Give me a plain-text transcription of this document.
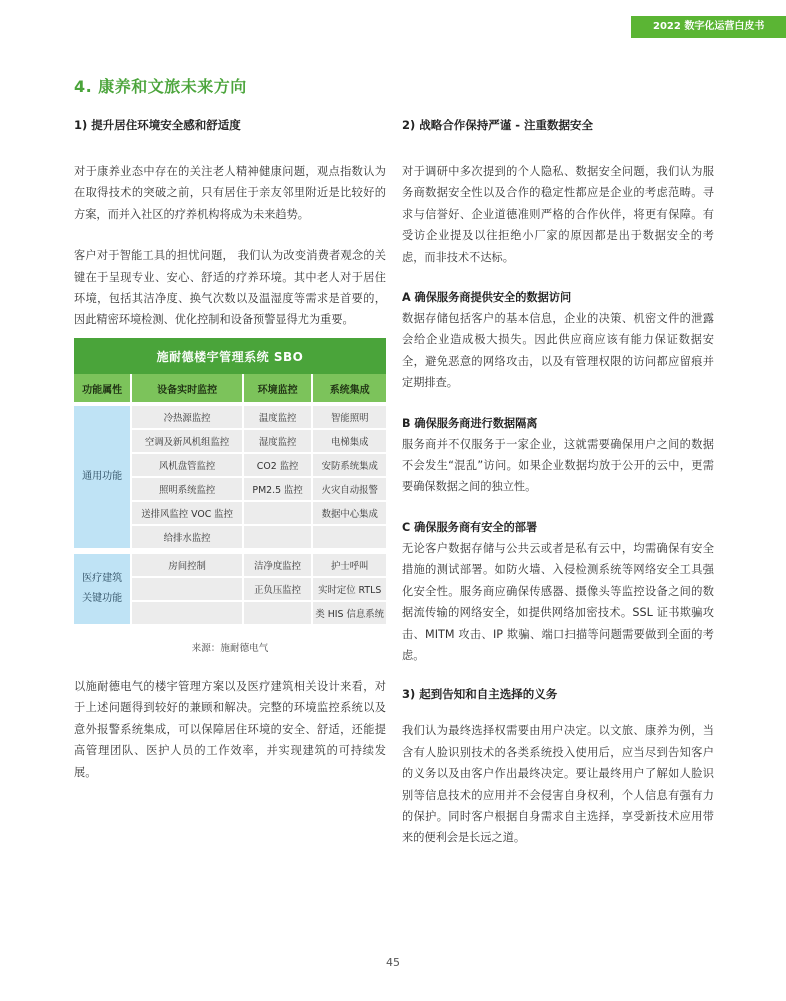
2022 数字化运营白皮书
4. 康养和文旅未来方向

1) 提升居住环境安全感和舒适度

对于康养业态中存在的关注老人精神健康问题，观点指数认为在取得技术的突破之前，只有居住于亲友邻里附近是比较好的方案，而并入社区的疗养机构将成为未来趋势。

客户对于智能工具的担忧问题， 我们认为改变消费者观念的关键在于呈现专业、安心、舒适的疗养环境。其中老人对于居住环境，包括其洁净度、换气次数以及温湿度等需求是首要的，因此精密环境检测、优化控制和设备预警显得尤为重要。

施耐德楼宇管理系统 SBO			
功能属性	设备实时监控	环境监控	系统集成

通用功能	冷热源监控	温度监控	智能照明
	空调及新风机组监控	湿度监控	电梯集成
	风机盘管监控	CO2 监控	安防系统集成
	照明系统监控	PM2.5 监控	火灾自动报警
	送排风监控 VOC 监控		数据中心集成
	给排水监控		

医疗建筑
关键功能	房间控制	洁净度监控	护士呼叫
		正负压监控	实时定位 RTLS
			类 HIS 信息系统
来源：施耐德电气

以施耐德电气的楼宇管理方案以及医疗建筑相关设计来看，对于上述问题得到较好的兼顾和解决。完整的环境监控系统以及意外报警系统集成，可以保障居住环境的安全、舒适，还能提高管理团队、医护人员的工作效率，并实现建筑的可持续发展。

2) 战略合作保持严谨 - 注重数据安全

对于调研中多次提到的个人隐私、数据安全问题，我们认为服务商数据安全性以及合作的稳定性都应是企业的考虑范畴。寻求与信誉好、企业道德准则严格的合作伙伴，将更有保障。有受访企业提及以往拒绝小厂家的原因都是出于数据安全的考虑，而非技术不达标。

A 确保服务商提供安全的数据访问

数据存储包括客户的基本信息，企业的决策、机密文件的泄露会给企业造成极大损失。因此供应商应该有能力保证数据安全，避免恶意的网络攻击，以及有管理权限的访问都应留痕并定期排查。

B 确保服务商进行数据隔离

服务商并不仅服务于一家企业，这就需要确保用户之间的数据不会发生“混乱”访问。如果企业数据均放于公开的云中，更需要确保数据之间的独立性。

C 确保服务商有安全的部署

无论客户数据存储与公共云或者是私有云中，均需确保有安全措施的测试部署。如防火墙、入侵检测系统等网络安全工具强化安全性。服务商应确保传感器、摄像头等监控设备之间的数据流传输的网络安全，如提供网络加密技术。SSL 证书欺骗攻击、MITM 攻击、IP 欺骗、端口扫描等问题需要做到全面的考虑。

3) 起到告知和自主选择的义务

我们认为最终选择权需要由用户决定。以文旅、康养为例，当含有人脸识别技术的各类系统投入使用后，应当尽到告知客户的义务以及由客户作出最终决定。要让最终用户了解如人脸识别等信息技术的应用并不会侵害自身权利，个人信息有强有力的保护。同时客户根据自身需求自主选择，享受新技术应用带来的便利会是长远之道。

45
